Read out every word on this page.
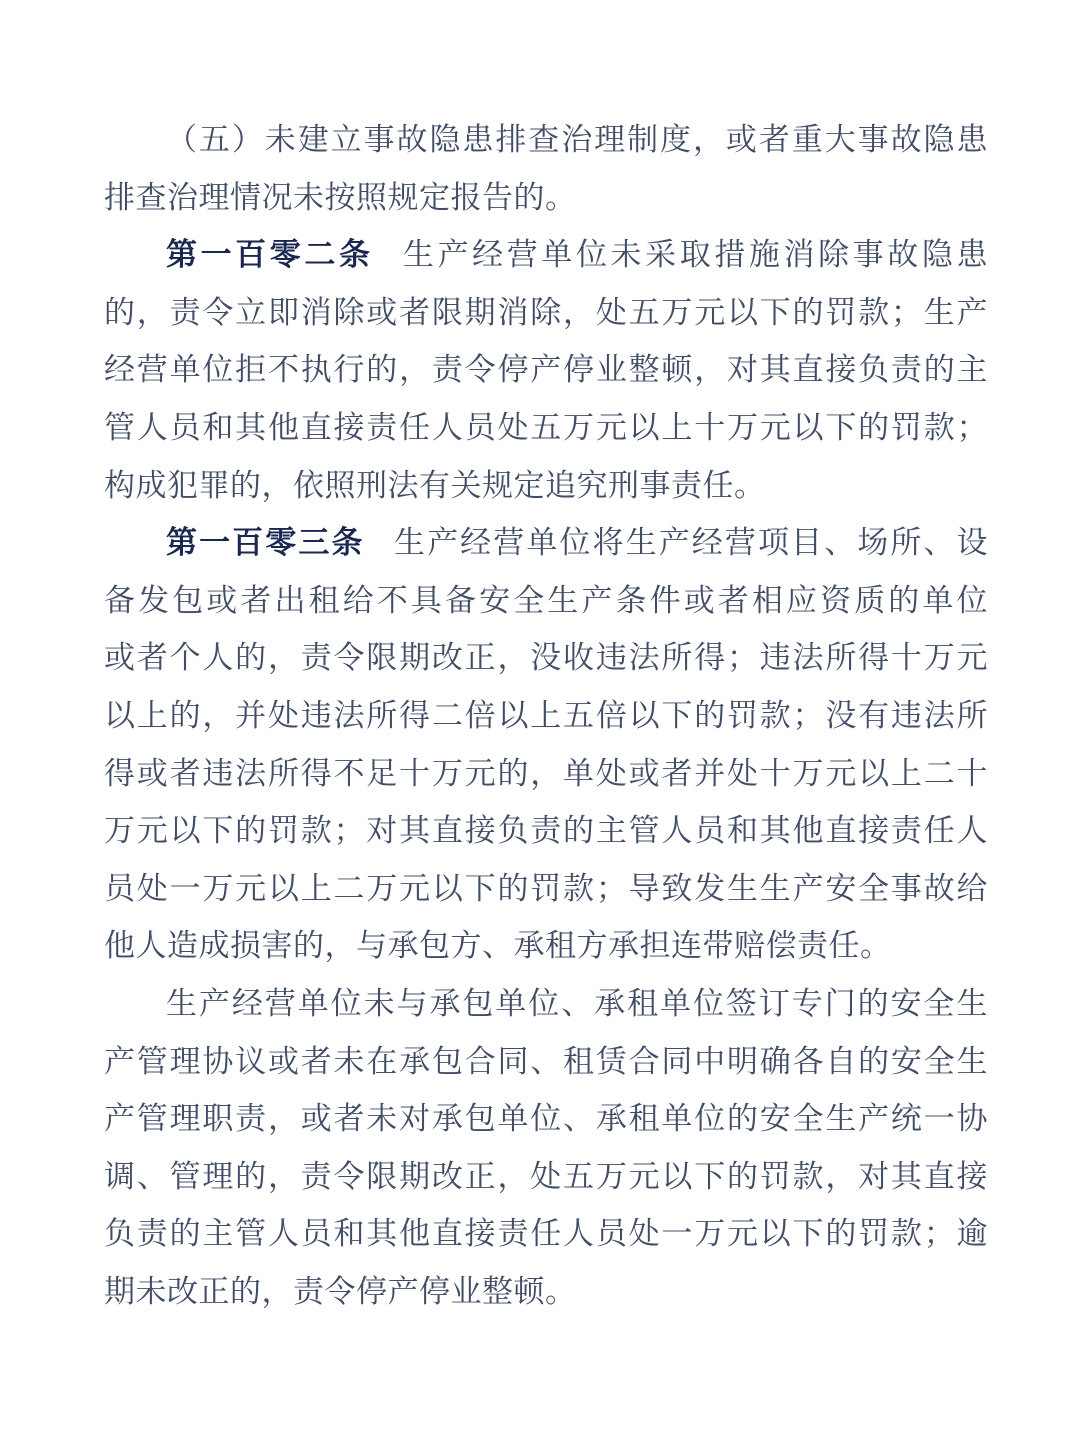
（五）未建立事故隐患排查治理制度，或者重大事故隐患
排查治理情况未按照规定报告的。
第一百零二条 生产经营单位未采取措施消除事故隐患
的，责令立即消除或者限期消除，处五万元以下的罚款；生产
经营单位拒不执行的，责令停产停业整顿，对其直接负责的主
管人员和其他直接责任人员处五万元以上十万元以下的罚款；
构成犯罪的，依照刑法有关规定追究刑事责任。
第一百零三条 生产经营单位将生产经营项目、场所、设
备发包或者出租给不具备安全生产条件或者相应资质的单位
或者个人的，责令限期改正，没收违法所得；违法所得十万元
以上的，并处违法所得二倍以上五倍以下的罚款；没有违法所
得或者违法所得不足十万元的，单处或者并处十万元以上二十
万元以下的罚款；对其直接负责的主管人员和其他直接责任人
员处一万元以上二万元以下的罚款；导致发生生产安全事故给
他人造成损害的，与承包方、承租方承担连带赔偿责任。
生产经营单位未与承包单位、承租单位签订专门的安全生
产管理协议或者未在承包合同、租赁合同中明确各自的安全生
产管理职责，或者未对承包单位、承租单位的安全生产统一协
调、管理的，责令限期改正，处五万元以下的罚款，对其直接
负责的主管人员和其他直接责任人员处一万元以下的罚款；逾
期未改正的，责令停产停业整顿。
